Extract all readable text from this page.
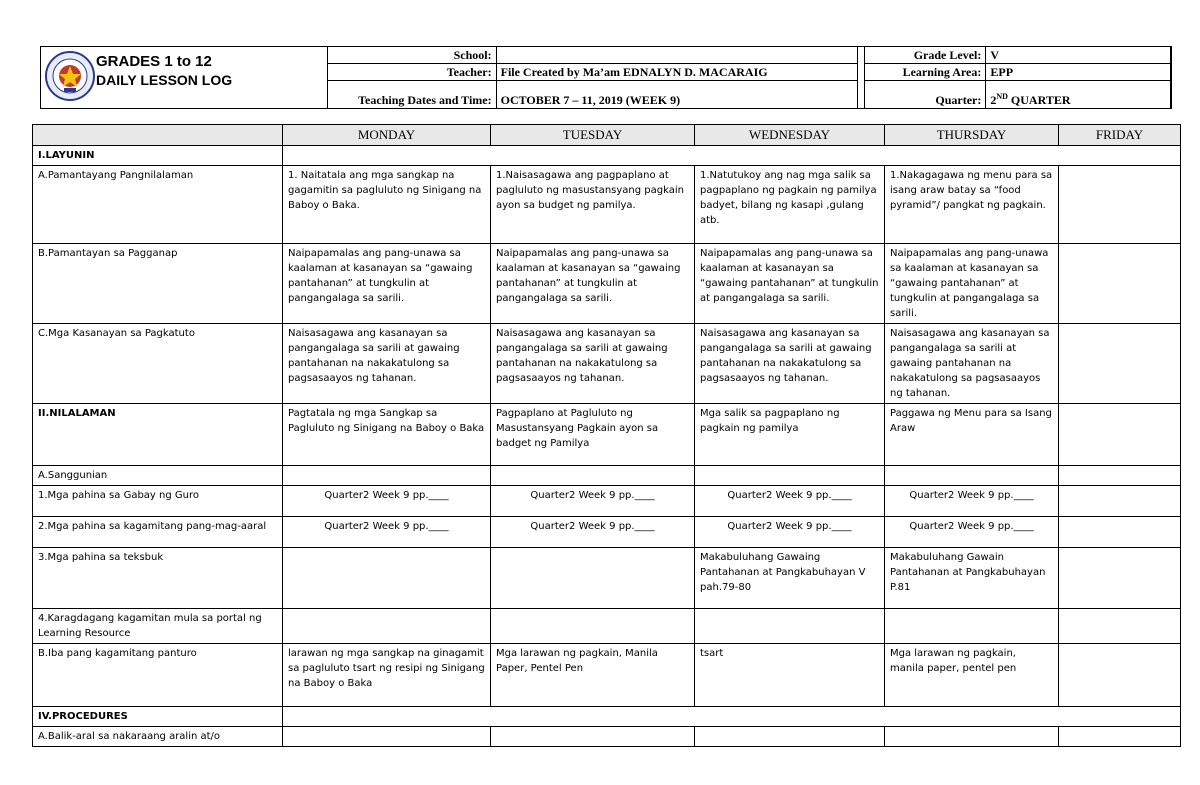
GRADES 1 to 12
DAILY LESSON LOG
School:			Grade Level:	V
Teacher:	File Created by Ma’am EDNALYN D. MACARAIG		Learning Area:	EPP
Teaching Dates and Time:	OCTOBER 7 – 11, 2019 (WEEK 9)		Quarter:	2ND QUARTER
	MONDAY	TUESDAY	WEDNESDAY	THURSDAY	FRIDAY
I.LAYUNIN					
A.Pamantayang Pangnilalaman	1. Naitatala ang mga sangkap na gagamitin sa pagluluto ng Sinigang na Baboy o Baka.	1.Naisasagawa ang pagpaplano at pagluluto ng masustansyang pagkain ayon sa budget ng pamilya.	1.Natutukoy ang nag mga salik sa pagpaplano ng pagkain ng pamilya badyet, bilang ng kasapi ,gulang atb.	1.Nakagagawa ng menu para sa isang araw batay sa “food pyramid”/ pangkat ng pagkain.	
B.Pamantayan sa Pagganap	Naipapamalas ang pang-unawa sa kaalaman at kasanayan sa “gawaing pantahanan” at tungkulin at pangangalaga sa sarili.	Naipapamalas ang pang-unawa sa kaalaman at kasanayan sa “gawaing pantahanan” at tungkulin at pangangalaga sa sarili.	Naipapamalas ang pang-unawa sa kaalaman at kasanayan sa “gawaing pantahanan” at tungkulin at pangangalaga sa sarili.	Naipapamalas ang pang-unawa sa kaalaman at kasanayan sa “gawaing pantahanan” at tungkulin at pangangalaga sa sarili.	
C.Mga Kasanayan sa Pagkatuto	Naisasagawa ang kasanayan sa pangangalaga sa sarili at gawaing pantahanan na nakakatulong sa pagsasaayos ng tahanan.	Naisasagawa ang kasanayan sa pangangalaga sa sarili at gawaing pantahanan na nakakatulong sa pagsasaayos ng tahanan.	Naisasagawa ang kasanayan sa pangangalaga sa sarili at gawaing pantahanan na nakakatulong sa pagsasaayos ng tahanan.	Naisasagawa ang kasanayan sa pangangalaga sa sarili at gawaing pantahanan na nakakatulong sa pagsasaayos ng tahanan.	
II.NILALAMAN	Pagtatala ng mga Sangkap sa Pagluluto ng Sinigang na Baboy o Baka	Pagpaplano at Pagluluto ng Masustansyang Pagkain ayon sa badget ng Pamilya	Mga salik sa pagpaplano ng pagkain ng pamilya	Paggawa ng Menu para sa Isang Araw	
A.Sanggunian					
1.Mga pahina sa Gabay ng Guro	Quarter2 Week 9 pp.____	Quarter2 Week 9 pp.____	Quarter2 Week 9 pp.____	Quarter2 Week 9 pp.____	
2.Mga pahina sa kagamitang pang-mag-aaral	Quarter2 Week 9 pp.____	Quarter2 Week 9 pp.____	Quarter2 Week 9 pp.____	Quarter2 Week 9 pp.____	
3.Mga pahina sa teksbuk			Makabuluhang Gawaing Pantahanan at Pangkabuhayan V pah.79-80	Makabuluhang Gawain Pantahanan at Pangkabuhayan P.81	
4.Karagdagang kagamitan mula sa portal ng Learning Resource					
B.Iba pang kagamitang panturo	larawan ng mga sangkap na ginagamit sa pagluluto tsart ng resipi ng Sinigang na Baboy o Baka	Mga larawan ng pagkain, Manila Paper, Pentel Pen	tsart	Mga larawan ng pagkain, manila paper, pentel pen	
IV.PROCEDURES					
A.Balik-aral sa nakaraang aralin at/o					
